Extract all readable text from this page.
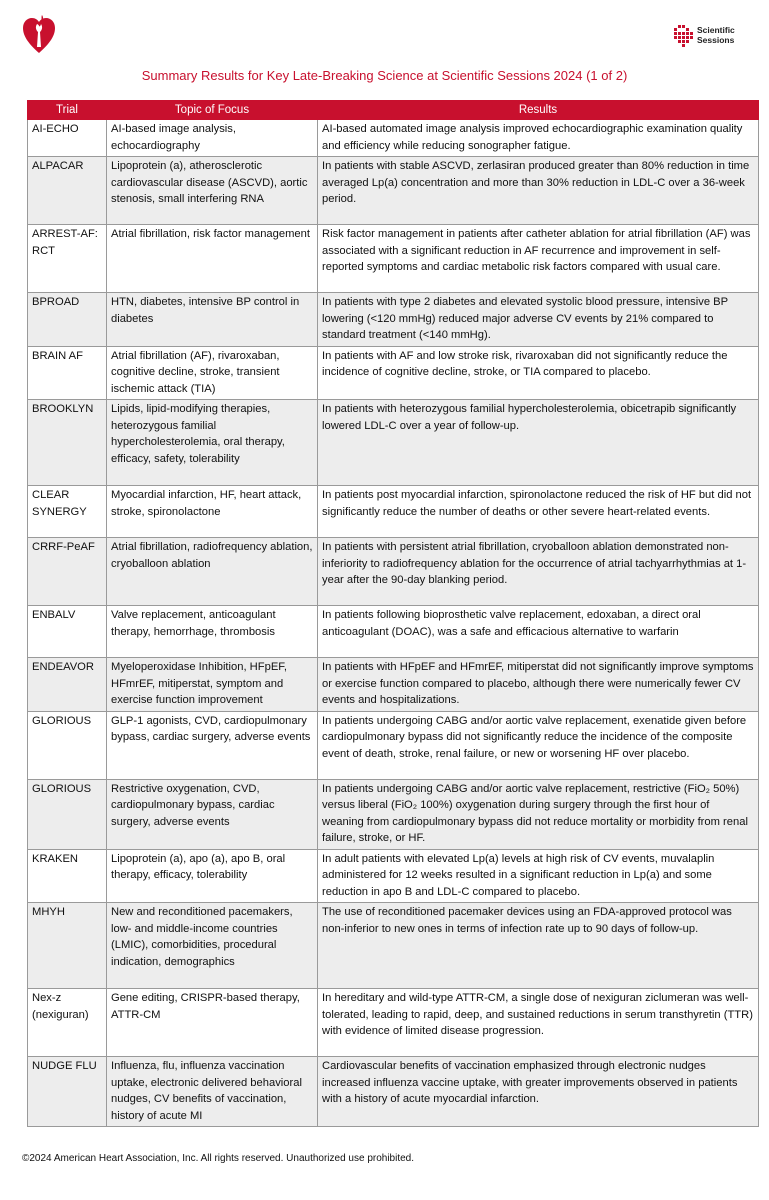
Scientific Sessions
Summary Results for Key Late-Breaking Science at Scientific Sessions 2024 (1 of 2)
Trial	Topic of Focus	Results
AI-ECHO	AI-based image analysis, echocardiography	AI-based automated image analysis improved echocardiographic examination quality and efficiency while reducing sonographer fatigue.
ALPACAR	Lipoprotein (a), atherosclerotic cardiovascular disease (ASCVD), aortic stenosis, small interfering RNA	In patients with stable ASCVD, zerlasiran produced greater than 80% reduction in time averaged Lp(a) concentration and more than 30% reduction in LDL-C over a 36-week period.
ARREST-AF: RCT	Atrial fibrillation, risk factor management	Risk factor management in patients after catheter ablation for atrial fibrillation (AF) was associated with a significant reduction in AF recurrence and improvement in self-reported symptoms and cardiac metabolic risk factors compared with usual care.
BPROAD	HTN, diabetes, intensive BP control in diabetes	In patients with type 2 diabetes and elevated systolic blood pressure, intensive BP lowering (<120 mmHg) reduced major adverse CV events by 21% compared to standard treatment (<140 mmHg).
BRAIN AF	Atrial fibrillation (AF), rivaroxaban, cognitive decline, stroke, transient ischemic attack (TIA)	In patients with AF and low stroke risk, rivaroxaban did not significantly reduce the incidence of cognitive decline, stroke, or TIA compared to placebo.
BROOKLYN	Lipids, lipid-modifying therapies, heterozygous familial hypercholesterolemia, oral therapy, efficacy, safety, tolerability	In patients with heterozygous familial hypercholesterolemia, obicetrapib significantly lowered LDL-C over a year of follow-up.
CLEAR SYNERGY	Myocardial infarction, HF, heart attack, stroke, spironolactone	In patients post myocardial infarction, spironolactone reduced the risk of HF but did not significantly reduce the number of deaths or other severe heart-related events.
CRRF-PeAF	Atrial fibrillation, radiofrequency ablation, cryoballoon ablation	In patients with persistent atrial fibrillation, cryoballoon ablation demonstrated non-inferiority to radiofrequency ablation for the occurrence of atrial tachyarrhythmias at 1-year after the 90-day blanking period.
ENBALV	Valve replacement, anticoagulant therapy, hemorrhage, thrombosis	In patients following bioprosthetic valve replacement, edoxaban, a direct oral anticoagulant (DOAC), was a safe and efficacious alternative to warfarin
ENDEAVOR	Myeloperoxidase Inhibition, HFpEF, HFmrEF, mitiperstat, symptom and exercise function improvement	In patients with HFpEF and HFmrEF, mitiperstat did not significantly improve symptoms or exercise function compared to placebo, although there were numerically fewer CV events and hospitalizations.
GLORIOUS	GLP-1 agonists, CVD, cardiopulmonary bypass, cardiac surgery, adverse events	In patients undergoing CABG and/or aortic valve replacement, exenatide given before cardiopulmonary bypass did not significantly reduce the incidence of the composite event of death, stroke, renal failure, or new or worsening HF over placebo.
GLORIOUS	Restrictive oxygenation, CVD, cardiopulmonary bypass, cardiac surgery, adverse events	In patients undergoing CABG and/or aortic valve replacement, restrictive (FiO₂ 50%) versus liberal (FiO₂ 100%) oxygenation during surgery through the first hour of weaning from cardiopulmonary bypass did not reduce mortality or morbidity from renal failure, stroke, or HF.
KRAKEN	Lipoprotein (a), apo (a), apo B, oral therapy, efficacy, tolerability	In adult patients with elevated Lp(a) levels at high risk of CV events, muvalaplin administered for 12 weeks resulted in a significant reduction in Lp(a) and some reduction in apo B and LDL-C compared to placebo.
MHYH	New and reconditioned pacemakers, low- and middle-income countries (LMIC), comorbidities, procedural indication, demographics	The use of reconditioned pacemaker devices using an FDA-approved protocol was non-inferior to new ones in terms of infection rate up to 90 days of follow-up.
Nex-z (nexiguran)	Gene editing, CRISPR-based therapy, ATTR-CM	In hereditary and wild-type ATTR-CM, a single dose of nexiguran ziclumeran was well-tolerated, leading to rapid, deep, and sustained reductions in serum transthyretin (TTR) with evidence of limited disease progression.
NUDGE FLU	Influenza, flu, influenza vaccination uptake, electronic delivered behavioral nudges, CV benefits of vaccination, history of acute MI	Cardiovascular benefits of vaccination emphasized through electronic nudges increased influenza vaccine uptake, with greater improvements observed in patients with a history of acute myocardial infarction.
©2024 American Heart Association, Inc. All rights reserved. Unauthorized use prohibited.
